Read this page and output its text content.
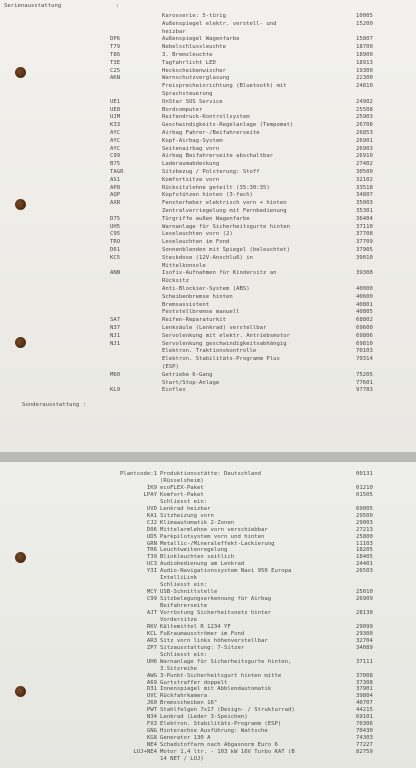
Serienausstattung	:
Karosserie: 5-türig	10005
Außenspiegel elektr. verstell- und	15200
heizbar
DP6	Außenspiegel Wagenfarbe	15807
T79	Nebelschlussleuchte	18700
T86	3. Bremsleuchte	18900
T3E	Tagfahrlicht LED	18913
C25	Heckscheibenwischer	19300
AKN	Warnschutzverglasung	22300
Freisprecheinrichtung (Bluetooth) mit	24810
Sprachsteuerung
UE1	OnStar SOS Service	24902
UE8	Bordcomputer	25508
UJM	Reifendruck-Kontrollsystem	25903
K33	Geschwindigkeits-Regelanlage (Tempomat)	26708
AYC	Airbag Fahrer-/Beifahrerseite	26853
AYC	Kopf-Airbag-System	26901
AYC	Seitenairbag vorn	26903
C99	Airbag Beifahrerseite abschaltbar	26910
B75	Laderaumabdeckung	27402
TAGR	Sitzbezug / Polsterung: Stoff	30500
AS1	Komfortsitze vorn	32102
AP8	Rücksitzlehne geteilt (35:30:35)	33518
AQP	Kopfstützen hinten (3-fach)	34807
AXR	Fensterheber elektrisch vorn + hinten	35003
Zentralverriegelung mit Fernbedienung	35301
D75	Türgriffe außen Wagenfarbe	36404
UH5	Warnanlage für Sicherheitsgurte hinten	37110
C95	Leseleuchten vorn (2)	37708
TRO	Leseleuchten im Fond	37709
D61	Sonnenblenden mit Spiegel (beleuchtet)	37905
KC5	Steckdose (12V-Anschluß) in	39010
Mittelkonsole
ANN	Isofix-Aufnahmen für Kindersitz an	39308
Rücksitz
Anti-Blockier-System (ABS)	40000
Scheibenbremse hinten	40600
Bremsassistent	40801
Feststellbremse manuell	40805
SA7	Reifen-Reparaturkit	68802
N37	Lenksäule (Lenkrad) verstellbar	69600
NJ1	Servolenkung mit elektr. Antriebsmotor	69806
NJ1	Servolenkung geschwindigkeitsabhängig	69810
Elektron. Traktionskontrolle	70103
Elektron. Stabilitäts-Programm Plus	70314
(ESP)
M60	Getriebe 6-Gang	75205
Start/Stop-Anlage	77601
KL9	Ecoflex	97783
Sonderausstattung :
Plantcode:1 Produktionsstätte: Deutschland	00131
(Rüsselsheim)
IK9 ecoFLEX-Paket	01210
LPAY Komfort-Paket	01505
Schliesst ein:
UVD Lenkrad heizbar	69005
KA1 Sitzheizung vorn	29500
CJ2 Klimaautomatik 2-Zonen	29003
D06 Mittelarmlehne vorn verschiebbar	27213
UD5 Parkpilotsystem vorn und hinten	25800
GRN Metallic-/Mineraleffekt-Lackierung	11103
TR6 Leuchtweitenregelung	18205
T39 Blinkleuchten seitlich	18405
UC3 Audiobedienung am Lenkrad	24401
Y3I Audio-Navigationssystem Navi 950 Europa	26503
IntelliLink
Schliesst ein:
MCY USB-Schnittstelle	25010
C99 Sitzbelegungserkennung für Airbag	26909
Beifahrerseite
AJT Vorrüstung Sicherheitsnetz hinter	28130
Vordersitze
RKV Kältemittel R 1234 YF	29099
KCL Fußraumausströmer im Fond	29300
AR3 Sitz vorn links höhenverstellbar	32704
ZP7 Sitzausstattung: 7-Sitzer	34089
Schliesst ein:
UH6 Warnanlage für Sicherheitsgurte hinten,	37111
3.Sitzreihe
AWG 3-Punkt-Sicherheitsgurt hinten mitte	37008
A69 Gurtstraffer doppelt	37308
D31 Innenspiegel mit Abblendautomatik	37901
UVC Rückfahrkamera	39804
J60 Bremsscheiben 16"	40707
PWT Stahlfelgen 7x17 (Design- / Strukturrad)	44215
N34 Lenkrad (Leder 3-Speichen)	69101
FX3 Elektron. Stabilitäts-Programm (ESP)	70306
GNG Hinterachse Ausführung: Wattsche	70430
KG8 Generator 130 A	74303
NE4 Schadstoffarm nach Abgasnorm Euro 6	77227
LUJ+NE4 Motor 1,4 ltr. - 103 kW 16V Turbo KAT (B	82759
14 NET / LUJ)
